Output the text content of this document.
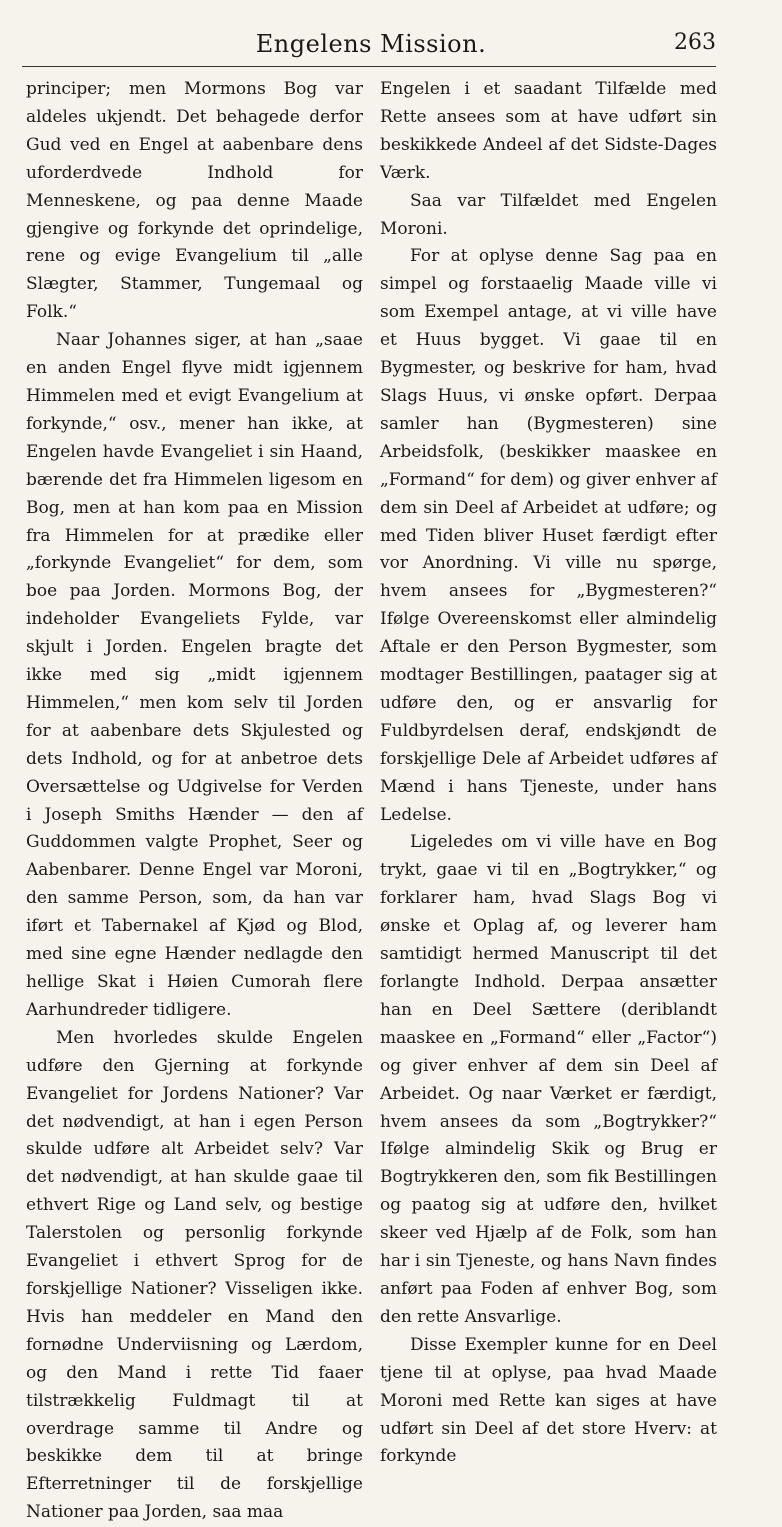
Engelens Mission.	263

principer; men Mormons Bog var aldeles ukjendt. Det behagede derfor Gud ved en Engel at aabenbare dens uforderdvede Indhold for Menneskene, og paa denne Maade gjengive og forkynde det oprindelige, rene og evige Evangelium til „alle Slægter, Stammer, Tungemaal og Folk.“

Naar Johannes siger, at han „saae en anden Engel flyve midt igjennem Himmelen med et evigt Evangelium at forkynde,“ osv., mener han ikke, at Engelen havde Evangeliet i sin Haand, bærende det fra Himmelen ligesom en Bog, men at han kom paa en Mission fra Himmelen for at prædike eller „forkynde Evangeliet“ for dem, som boe paa Jorden. Mormons Bog, der indeholder Evangeliets Fylde, var skjult i Jorden. Engelen bragte det ikke med sig „midt igjennem Himmelen,“ men kom selv til Jorden for at aabenbare dets Skjulested og dets Indhold, og for at anbetroe dets Oversættelse og Udgivelse for Verden i Joseph Smiths Hænder — den af Guddommen valgte Prophet, Seer og Aabenbarer. Denne Engel var Moroni, den samme Person, som, da han var iført et Tabernakel af Kjød og Blod, med sine egne Hænder nedlagde den hellige Skat i Høien Cumorah flere Aarhundreder tidligere.

Men hvorledes skulde Engelen udføre den Gjerning at forkynde Evangeliet for Jordens Nationer? Var det nødvendigt, at han i egen Person skulde udføre alt Arbeidet selv? Var det nødvendigt, at han skulde gaae til ethvert Rige og Land selv, og bestige Talerstolen og personlig forkynde Evangeliet i ethvert Sprog for de forskjellige Nationer? Visseligen ikke. Hvis han meddeler en Mand den fornødne Underviisning og Lærdom, og den Mand i rette Tid faaer tilstrækkelig Fuldmagt til at overdrage samme til Andre og beskikke dem til at bringe Efterretninger til de forskjellige Nationer paa Jorden, saa maa

Engelen i et saadant Tilfælde med Rette ansees som at have udført sin beskikkede Andeel af det Sidste-Dages Værk.

Saa var Tilfældet med Engelen Moroni.

For at oplyse denne Sag paa en simpel og forstaaelig Maade ville vi som Exempel antage, at vi ville have et Huus bygget. Vi gaae til en Bygmester, og beskrive for ham, hvad Slags Huus, vi ønske opført. Derpaa samler han (Bygmesteren) sine Arbeidsfolk, (beskikker maaskee en „Formand“ for dem) og giver enhver af dem sin Deel af Arbeidet at udføre; og med Tiden bliver Huset færdigt efter vor Anordning. Vi ville nu spørge, hvem ansees for „Bygmesteren?“ Ifølge Overeenskomst eller almindelig Aftale er den Person Bygmester, som modtager Bestillingen, paatager sig at udføre den, og er ansvarlig for Fuldbyrdelsen deraf, endskjøndt de forskjellige Dele af Arbeidet udføres af Mænd i hans Tjeneste, under hans Ledelse.

Ligeledes om vi ville have en Bog trykt, gaae vi til en „Bogtrykker,“ og forklarer ham, hvad Slags Bog vi ønske et Oplag af, og leverer ham samtidigt hermed Manuscript til det forlangte Indhold. Derpaa ansætter han en Deel Sættere (deriblandt maaskee en „Formand“ eller „Factor“) og giver enhver af dem sin Deel af Arbeidet. Og naar Værket er færdigt, hvem ansees da som „Bogtrykker?“ Ifølge almindelig Skik og Brug er Bogtrykkeren den, som fik Bestillingen og paatog sig at udføre den, hvilket skeer ved Hjælp af de Folk, som han har i sin Tjeneste, og hans Navn findes anført paa Foden af enhver Bog, som den rette Ansvarlige.

Disse Exempler kunne for en Deel tjene til at oplyse, paa hvad Maade Moroni med Rette kan siges at have udført sin Deel af det store Hverv: at forkynde
